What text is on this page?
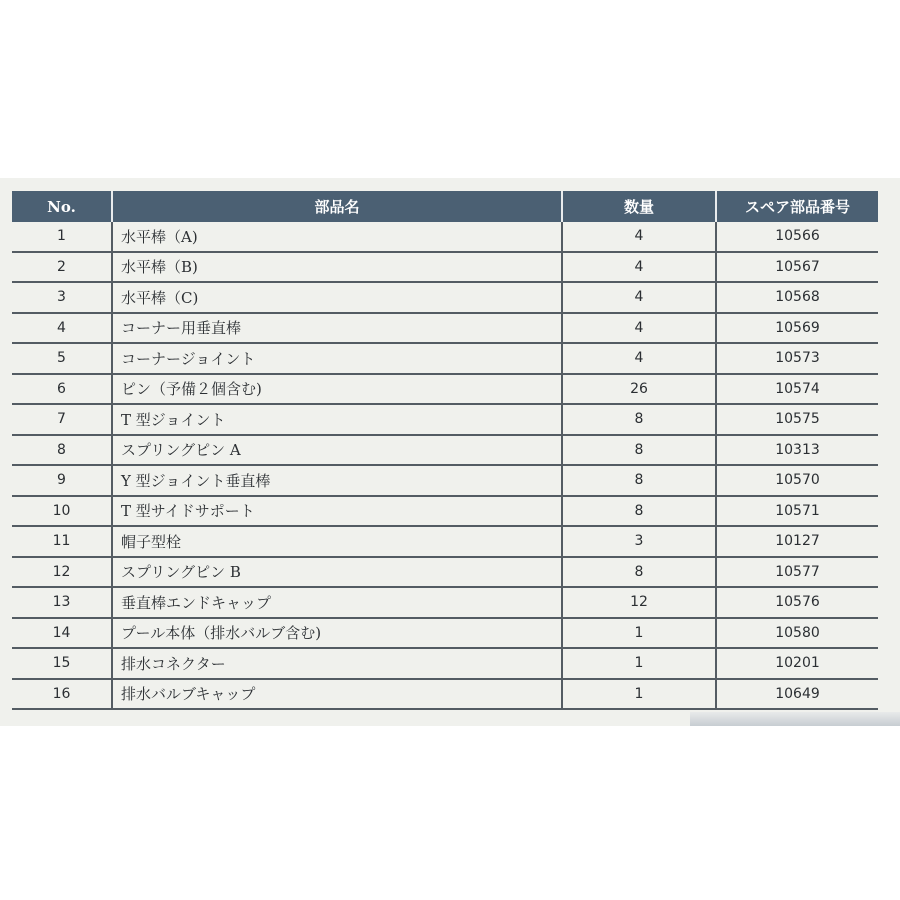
No.	部品名	数量	スペア部品番号
1	水平棒（A)	4	10566
2	水平棒（B)	4	10567
3	水平棒（C)	4	10568
4	コーナー用垂直棒	4	10569
5	コーナージョイント	4	10573
6	ピン（予備２個含む)	26	10574
7	T 型ジョイント	8	10575
8	スプリングピン A	8	10313
9	Y 型ジョイント垂直棒	8	10570
10	T 型サイドサポート	8	10571
11	帽子型栓	3	10127
12	スプリングピン B	8	10577
13	垂直棒エンドキャップ	12	10576
14	プール本体（排水バルブ含む)	1	10580
15	排水コネクター	1	10201
16	排水バルブキャップ	1	10649
